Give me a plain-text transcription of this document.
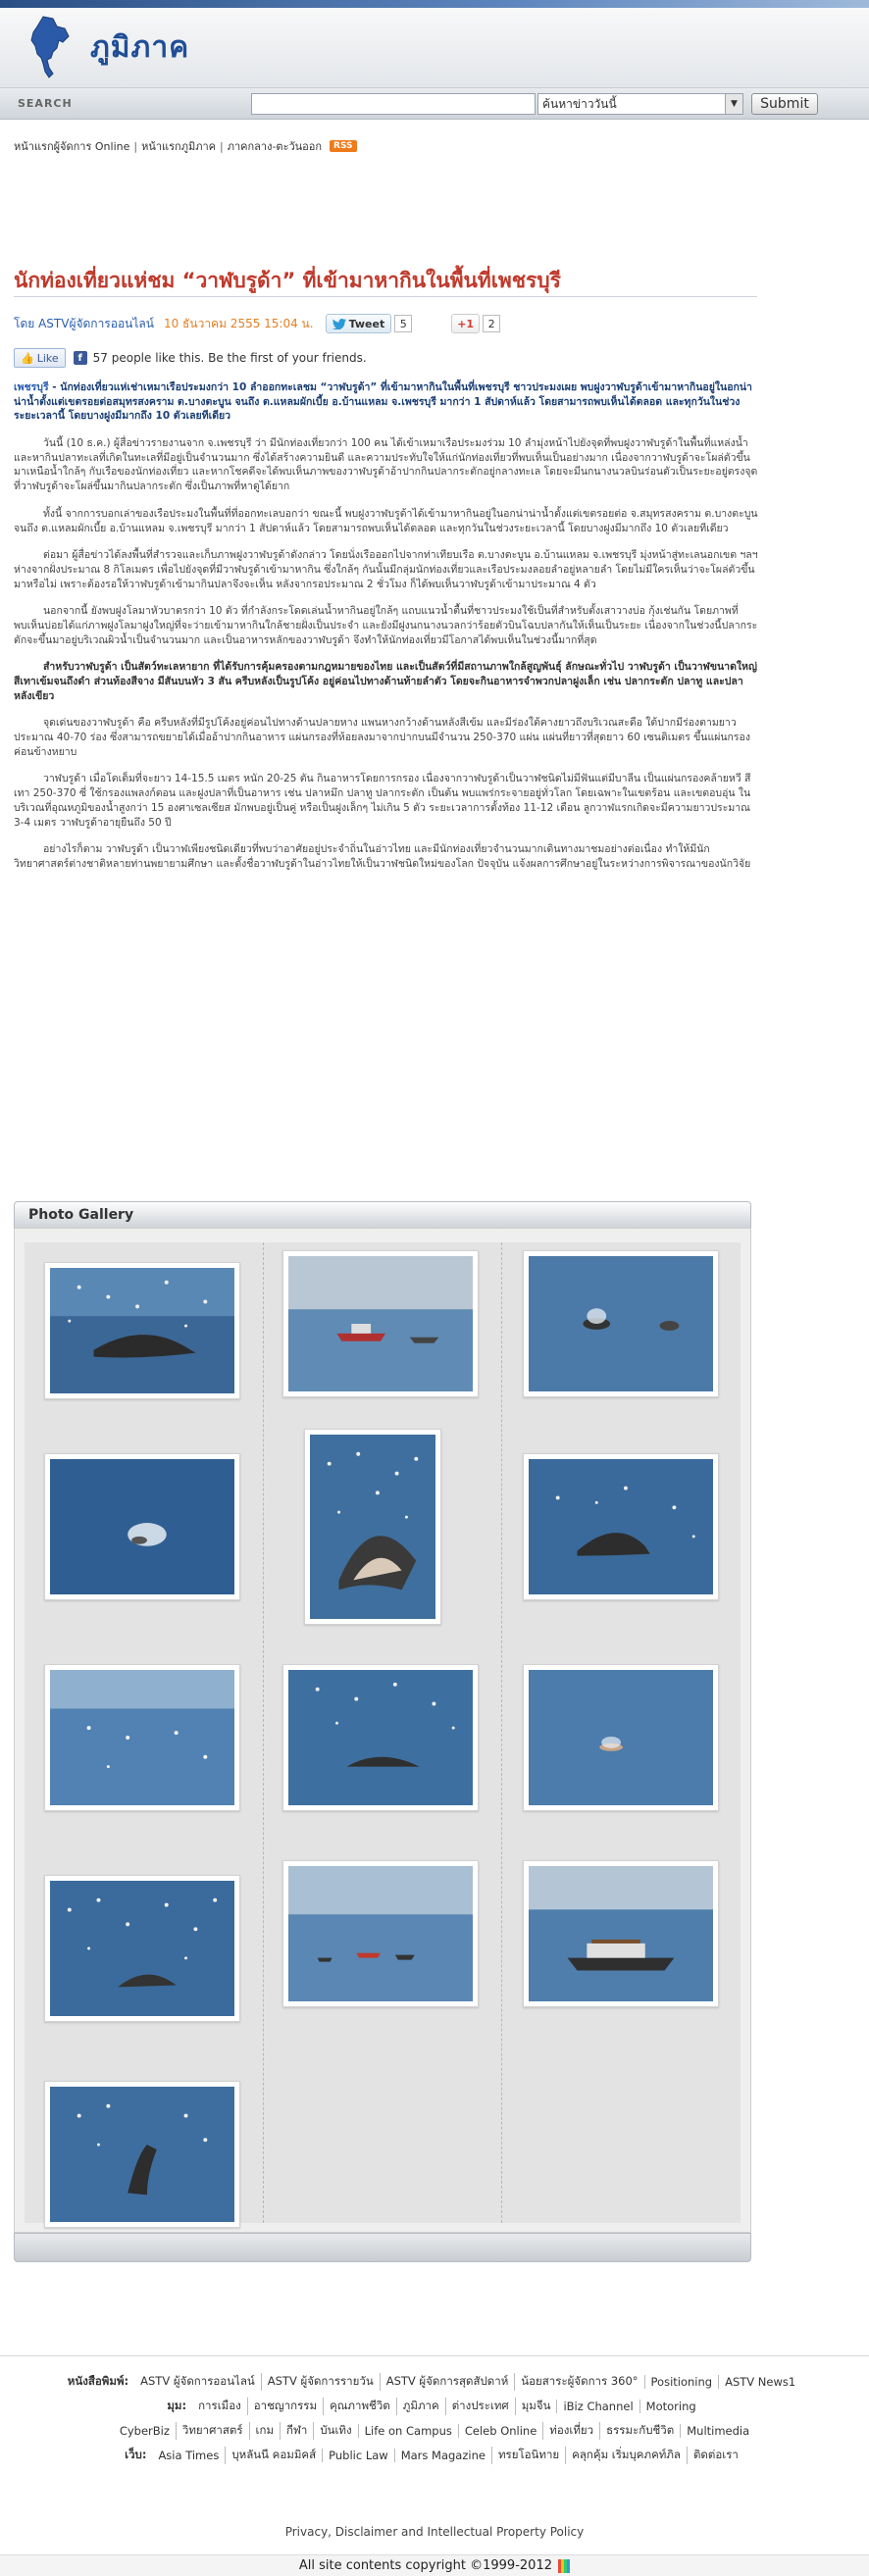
ภูมิภาค
SEARCH	ค้นหาข่าววันนี้	▼	Submit
หน้าแรกผู้จัดการ Online | หน้าแรกภูมิภาค | ภาคกลาง-ตะวันออก	RSS
นักท่องเที่ยวแห่ชม “วาฬบรูด้า” ที่เข้ามาหากินในพื้นที่เพชรบุรี
โดย ASTVผู้จัดการออนไลน์ 10 ธันวาคม 2555 15:04 น.	Tweet	5	+1	2
👍 Like	f 57 people like this. Be the first of your friends.

เพชรบุรี - นักท่องเที่ยวแห่เช่าเหมาเรือประมงกว่า 10 ลำออกทะเลชม “วาฬบรูด้า” ที่เข้ามาหากินในพื้นที่เพชรบุรี ชาวประมงเผย พบฝูงวาฬบรูด้าเข้ามาหากินอยู่ในอกน่าน่าน้ำตั้งแต่เขตรอยต่อสมุทรสงคราม ต.บางตะบูน จนถึง ต.แหลมผักเบี้ย อ.บ้านแหลม จ.เพชรบุรี มากว่า 1 สัปดาห์แล้ว โดยสามารถพบเห็นได้ตลอด และทุกวันในช่วงระยะเวลานี้ โดยบางฝูงมีมากถึง 10 ตัวเลยทีเดียว

วันนี้ (10 ธ.ค.) ผู้สื่อข่าวรายงานจาก จ.เพชรบุรี ว่า มีนักท่องเที่ยวกว่า 100 คน ได้เข้าเหมาเรือประมงร่วม 10 ลำมุ่งหน้าไปยังจุดที่พบฝูงวาฬบรูด้าในพื้นที่แหล่งน้ำ และหากินปลาทะเลที่เกิดในทะเลที่มีอยู่เป็นจำนวนมาก ซึ่งได้สร้างความยินดี และความประทับใจให้แก่นักท่องเที่ยวที่พบเห็นเป็นอย่างมาก เนื่องจากวาฬบรูด้าจะโผล่ตัวขึ้นมาเหนือน้ำใกล้ๆ กับเรือของนักท่องเที่ยว และหากโชคดีจะได้พบเห็นภาพของวาฬบรูด้าอ้าปากกินปลากระตักอยู่กลางทะเล โดยจะมีนกนางนวลบินร่อนตัวเป็นระยะอยู่ตรงจุดที่วาฬบรูด้าจะโผล่ขึ้นมากินปลากระตัก ซึ่งเป็นภาพที่หาดูได้ยาก

ทั้งนี้ จากการบอกเล่าของเรือประมงในพื้นที่ที่ออกทะเลบอกว่า ขณะนี้ พบฝูงวาฬบรูด้าได้เข้ามาหากินอยู่ในอกน่าน่าน้ำตั้งแต่เขตรอยต่อ จ.สมุทรสงคราม ต.บางตะบูน จนถึง ต.แหลมผักเบี้ย อ.บ้านแหลม จ.เพชรบุรี มากว่า 1 สัปดาห์แล้ว โดยสามารถพบเห็นได้ตลอด และทุกวันในช่วงระยะเวลานี้ โดยบางฝูงมีมากถึง 10 ตัวเลยทีเดียว

ต่อมา ผู้สื่อข่าวได้ลงพื้นที่สำรวจและเก็บภาพฝูงวาฬบรูด้าดังกล่าว โดยนั่งเรือออกไปจากท่าเทียบเรือ ต.บางตะบูน อ.บ้านแหลม จ.เพชรบุรี มุ่งหน้าสู่ทะเลนอกเขต ฯลฯ ห่างจากฝั่งประมาณ 8 กิโลเมตร เพื่อไปยังจุดที่มีวาฬบรูด้าเข้ามาหากิน ซึ่งใกล้ๆ กันนั้นมีกลุ่มนักท่องเที่ยวและเรือประมงลอยลำอยู่หลายลำ โดยไม่มีใครเห็นว่าจะโผล่ตัวขึ้นมาหรือไม่ เพราะต้องรอให้วาฬบรูด้าเข้ามากินปลาจึงจะเห็น หลังจากรอประมาณ 2 ชั่วโมง ก็ได้พบเห็นวาฬบรูด้าเข้ามาประมาณ 4 ตัว

นอกจากนี้ ยังพบฝูงโลมาหัวบาตรกว่า 10 ตัว ที่กำลังกระโดดเล่นน้ำหากินอยู่ใกล้ๆ แถบแนวน้ำตื้นที่ชาวประมงใช้เป็นที่สำหรับตั้งเสาวางบ่อ กุ้งเช่นกัน โดยภาพที่พบเห็นบ่อยได้แก่ภาพฝูงโลมาฝูงใหญ่ที่จะว่ายเข้ามาหากินใกล้ชายฝั่งเป็นประจำ และยังมีฝูงนกนางนวลกว่าร้อยตัวบินโฉบปลากันให้เห็นเป็นระยะ เนื่องจากในช่วงนี้ปลากระตักจะขึ้นมาอยู่บริเวณผิวน้ำเป็นจำนวนมาก และเป็นอาหารหลักของวาฬบรูด้า จึงทำให้นักท่องเที่ยวมีโอกาสได้พบเห็นในช่วงนี้มากที่สุด

สำหรับวาฬบรูด้า เป็นสัตว์ทะเลหายาก ที่ได้รับการคุ้มครองตามกฎหมายของไทย และเป็นสัตว์ที่มีสถานภาพใกล้สูญพันธุ์ ลักษณะทั่วไป วาฬบรูด้า เป็นวาฬขนาดใหญ่ สีเทาเข้มจนถึงดำ ส่วนท้องสีจาง มีสันบนหัว 3 สัน ครีบหลังเป็นรูปโค้ง อยู่ค่อนไปทางด้านท้ายลำตัว โดยจะกินอาหารจำพวกปลาฝูงเล็ก เช่น ปลากระตัก ปลาทู และปลาหลังเขียว

จุดเด่นของวาฬบรูด้า คือ ครีบหลังที่มีรูปโค้งอยู่ค่อนไปทางด้านปลายหาง แพนหางกว้างด้านหลังสีเข้ม และมีร่องใต้คางยาวถึงบริเวณสะดือ ใต้ปากมีร่องตามยาวประมาณ 40-70 ร่อง ซึ่งสามารถขยายได้เมื่ออ้าปากกินอาหาร แผ่นกรองที่ห้อยลงมาจากปากบนมีจำนวน 250-370 แผ่น แผ่นที่ยาวที่สุดยาว 60 เซนติเมตร ขึ้นแผ่นกรองค่อนข้างหยาบ

วาฬบรูด้า เมื่อโตเต็มที่จะยาว 14-15.5 เมตร หนัก 20-25 ตัน กินอาหารโดยการกรอง เนื่องจากวาฬบรูด้าเป็นวาฬชนิดไม่มีฟันแต่มีบาลีน เป็นแผ่นกรองคล้ายหวี สีเทา 250-370 ซี่ ใช้กรองแพลงก์ตอน และฝูงปลาที่เป็นอาหาร เช่น ปลาหมึก ปลาทู ปลากระตัก เป็นต้น พบแพร่กระจายอยู่ทั่วโลก โดยเฉพาะในเขตร้อน และเขตอบอุ่น ในบริเวณที่อุณหภูมิของน้ำสูงกว่า 15 องศาเซลเซียส มักพบอยู่เป็นคู่ หรือเป็นฝูงเล็กๆ ไม่เกิน 5 ตัว ระยะเวลาการตั้งท้อง 11-12 เดือน ลูกวาฬแรกเกิดจะมีความยาวประมาณ 3-4 เมตร วาฬบรูด้าอายุยืนถึง 50 ปี

อย่างไรก็ตาม วาฬบรูด้า เป็นวาฬเพียงชนิดเดียวที่พบว่าอาศัยอยู่ประจำถิ่นในอ่าวไทย และมีนักท่องเที่ยวจำนวนมากเดินทางมาชมอย่างต่อเนื่อง ทำให้มีนักวิทยาศาสตร์ต่างชาติหลายท่านพยายามศึกษา และตั้งชื่อวาฬบรูด้าในอ่าวไทยให้เป็นวาฬชนิดใหม่ของโลก ปัจจุบัน แจ้งผลการศึกษาอยู่ในระหว่างการพิจารณาของนักวิจัย

Photo Gallery
หนังสือพิมพ์:	ASTV ผู้จัดการออนไลน์	ASTV ผู้จัดการรายวัน	ASTV ผู้จัดการสุดสัปดาห์	น้อยสาระผู้จัดการ 360°	Positioning	ASTV News1
มุม:	การเมือง	อาชญากรรม	คุณภาพชีวิต	ภูมิภาค	ต่างประเทศ	มุมจีน	iBiz Channel	Motoring
CyberBiz	วิทยาศาสตร์	เกม	กีฬา	บันเทิง	Life on Campus	Celeb Online	ท่องเที่ยว	ธรรมะกับชีวิต	Multimedia
เว็บ:	Asia Times	บุหลันนี คอมมิคส์	Public Law	Mars Magazine	ทรยโอนิทาย	คลุกคุ้ม เริ่มบุคภคท์ภิล	ติดต่อเรา
Privacy, Disclaimer and Intellectual Property Policy
All site contents copyright ©1999-2012
